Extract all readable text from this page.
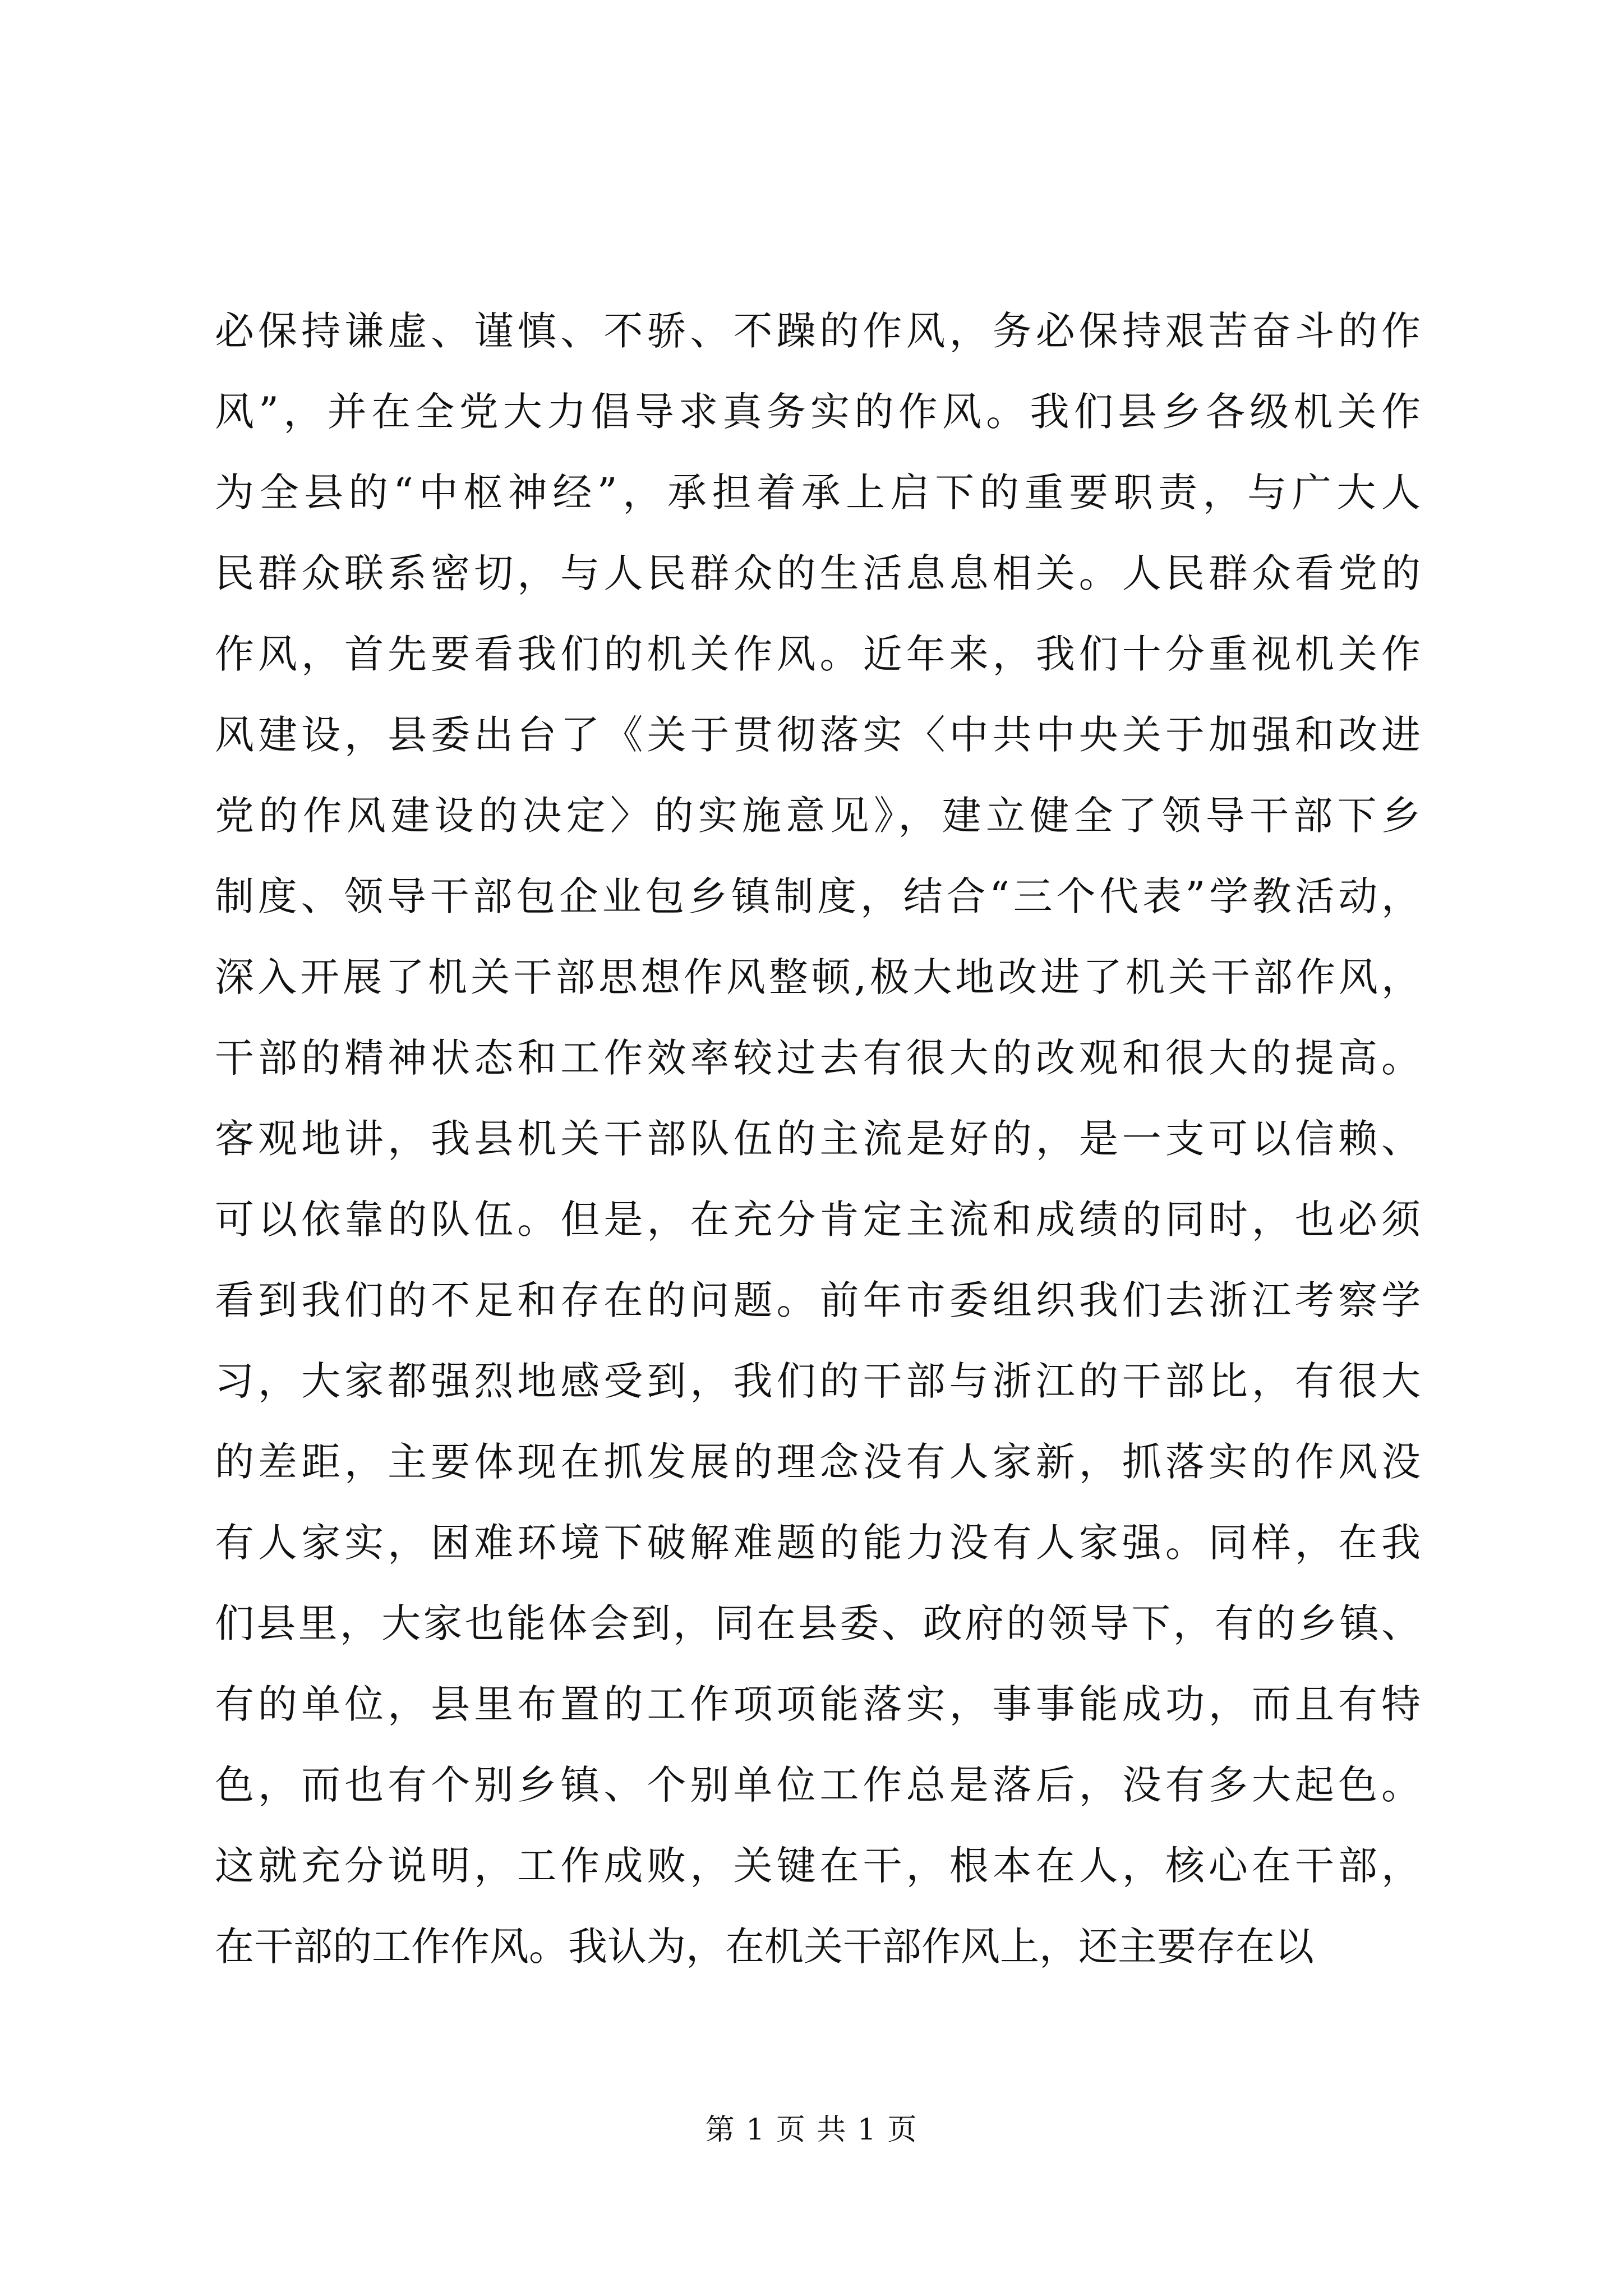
必保持谦虚、谨慎、不骄、不躁的作风，务必保持艰苦奋斗的作
风”，并在全党大力倡导求真务实的作风。我们县乡各级机关作
为全县的“中枢神经”，承担着承上启下的重要职责，与广大人
民群众联系密切，与人民群众的生活息息相关。人民群众看党的
作风，首先要看我们的机关作风。近年来，我们十分重视机关作
风建设，县委出台了《关于贯彻落实〈中共中央关于加强和改进
党的作风建设的决定〉的实施意见》，建立健全了领导干部下乡
制度、领导干部包企业包乡镇制度，结合“三个代表”学教活动，
深入开展了机关干部思想作风整顿,极大地改进了机关干部作风，
干部的精神状态和工作效率较过去有很大的改观和很大的提高。
客观地讲，我县机关干部队伍的主流是好的，是一支可以信赖、
可以依靠的队伍。但是，在充分肯定主流和成绩的同时，也必须
看到我们的不足和存在的问题。前年市委组织我们去浙江考察学
习，大家都强烈地感受到，我们的干部与浙江的干部比，有很大
的差距，主要体现在抓发展的理念没有人家新，抓落实的作风没
有人家实，困难环境下破解难题的能力没有人家强。同样，在我
们县里，大家也能体会到，同在县委、政府的领导下，有的乡镇、
有的单位，县里布置的工作项项能落实，事事能成功，而且有特
色，而也有个别乡镇、个别单位工作总是落后，没有多大起色。
这就充分说明，工作成败，关键在干，根本在人，核心在干部，
在干部的工作作风。我认为，在机关干部作风上，还主要存在以
第 1 页 共 1 页
